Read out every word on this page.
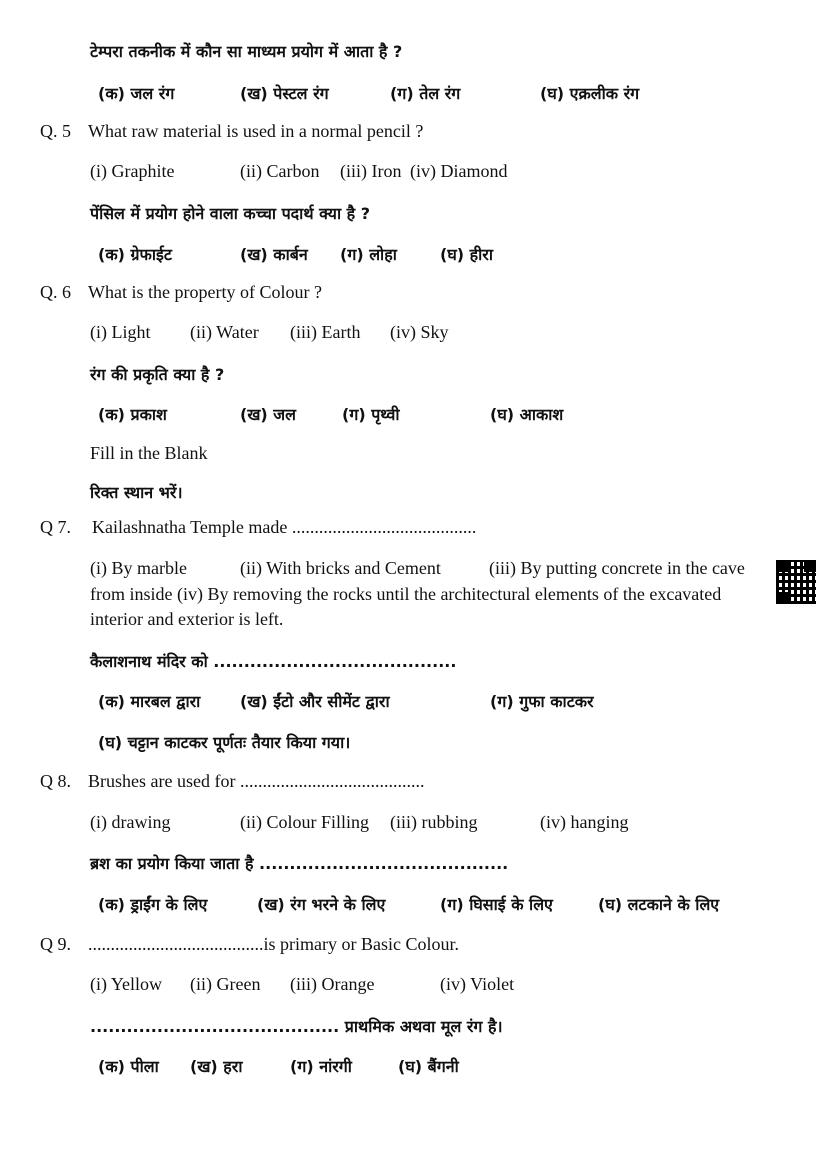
टेम्परा तकनीक में कौन सा माध्यम प्रयोग में आता है ?
(क) जल रंग	(ख) पेस्टल रंग	(ग) तेल रंग	(घ) एक्रलीक रंग
Q. 5 What raw material is used in a normal pencil ?
(i) Graphite	(ii) Carbon (iii) Iron (iv) Diamond
पेंसिल में प्रयोग होने वाला कच्चा पदार्थ क्या है ?
(क) ग्रेफाईट	(ख) कार्बन (ग) लोहा	(घ) हीरा
Q. 6 What is the property of Colour ?
(i) Light (ii) Water (iii) Earth (iv) Sky
रंग की प्रकृति क्या है ?
(क) प्रकाश	(ख) जल	(ग) पृथ्वी	(घ) आकाश
Fill in the Blank
रिक्त स्थान भरें।
Q 7. Kailashnatha Temple made .........................................
(i) By marble	(ii) With bricks and Cement	(iii) By putting concrete in the cave
from inside (iv) By removing the rocks until the architectural elements of the excavated
interior and exterior is left.
कैलाशनाथ मंदिर को ........................................
(क) मारबल द्वारा (ख) ईंटो और सीमेंट द्वारा	(ग) गुफा काटकर
(घ) चट्टान काटकर पूर्णतः तैयार किया गया।
Q 8. Brushes are used for .........................................
(i) drawing	(ii) Colour Filling (iii) rubbing	(iv) hanging
ब्रश का प्रयोग किया जाता है .........................................
(क) ड्राईंग के लिए	(ख) रंग भरने के लिए	(ग) घिसाई के लिए	(घ) लटकाने के लिए
Q 9. .......................................is primary or Basic Colour.
(i) Yellow (ii) Green (iii) Orange	(iv) Violet
......................................... प्राथमिक अथवा मूल रंग है।
(क) पीला (ख) हरा	(ग) नांरगी	(घ) बैंगनी
